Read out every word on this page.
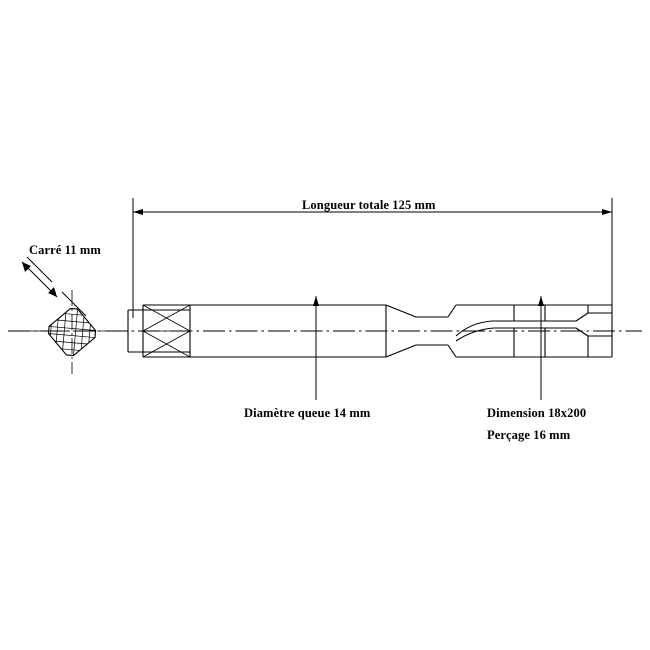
Longueur totale 125 mm
Carré 11 mm
Diamètre queue 14 mm	Dimension 18x200
Perçage 16 mm
